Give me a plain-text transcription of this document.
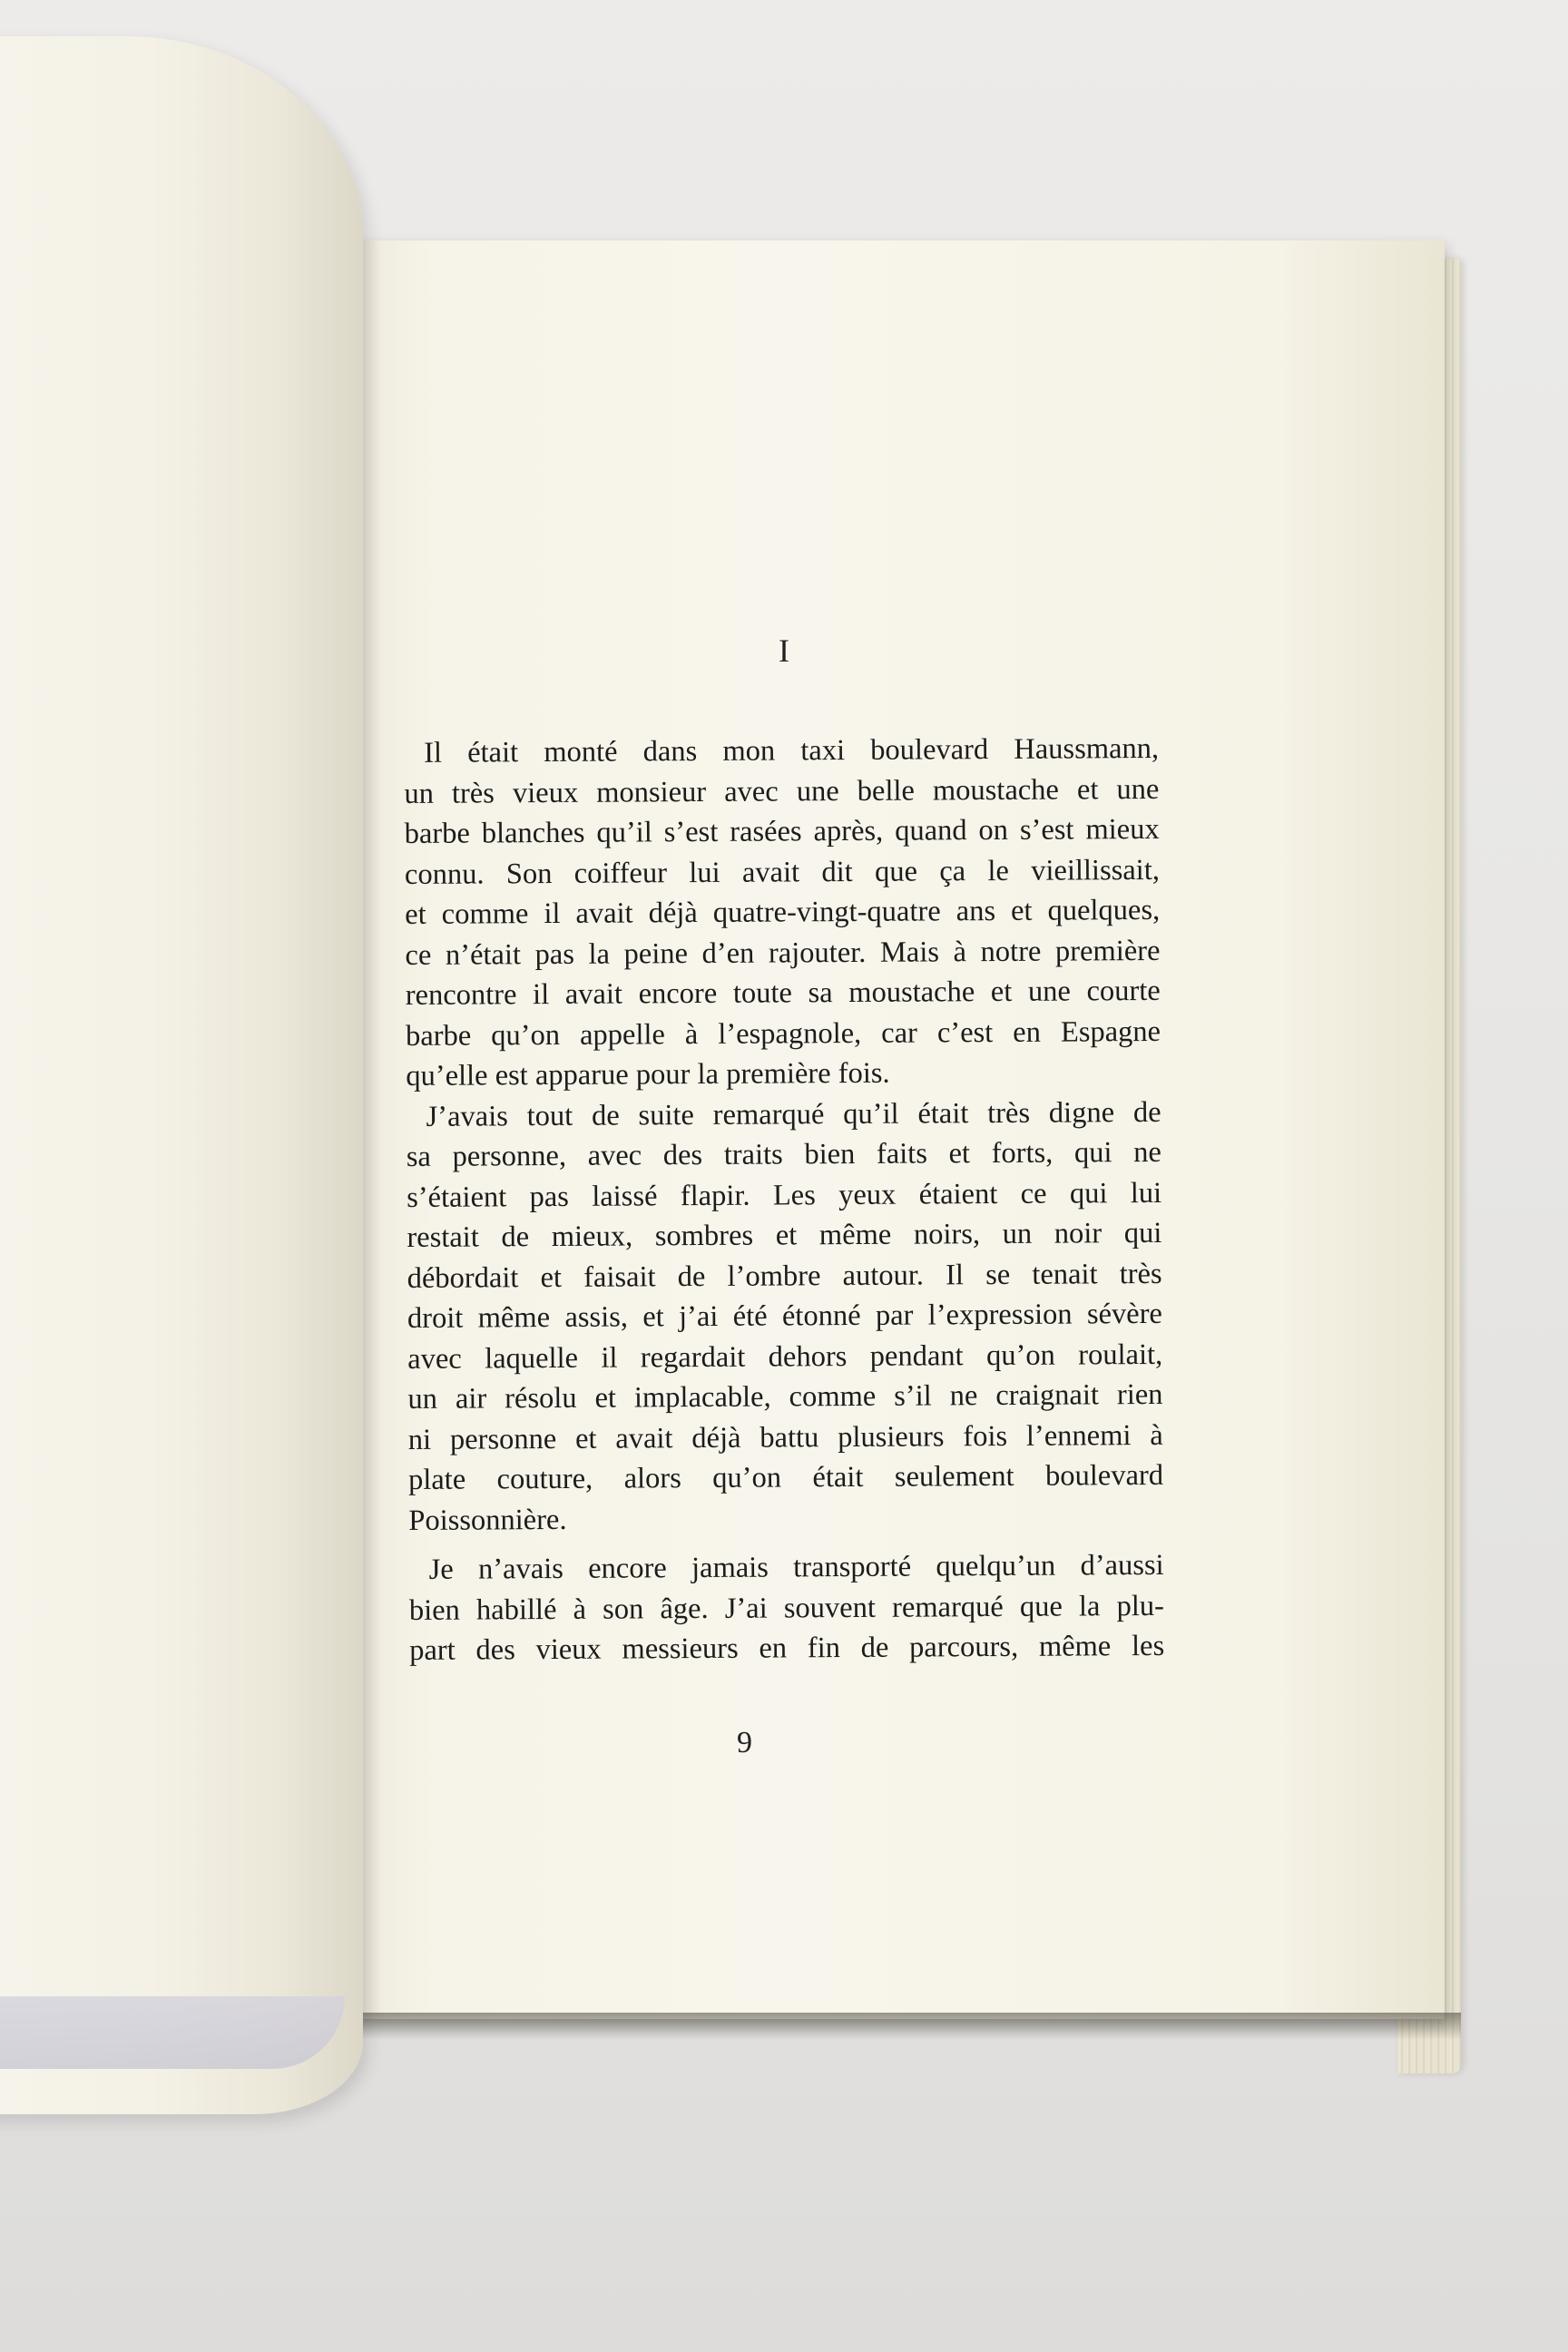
I
Il était monté dans mon taxi boulevard Haussmann,
un très vieux monsieur avec une belle moustache et une
barbe blanches qu’il s’est rasées après, quand on s’est mieux
connu. Son coiffeur lui avait dit que ça le vieillissait,
et comme il avait déjà quatre-vingt-quatre ans et quelques,
ce n’était pas la peine d’en rajouter. Mais à notre première
rencontre il avait encore toute sa moustache et une courte
barbe qu’on appelle à l’espagnole, car c’est en Espagne
qu’elle est apparue pour la première fois.
J’avais tout de suite remarqué qu’il était très digne de
sa personne, avec des traits bien faits et forts, qui ne
s’étaient pas laissé flapir. Les yeux étaient ce qui lui
restait de mieux, sombres et même noirs, un noir qui
débordait et faisait de l’ombre autour. Il se tenait très
droit même assis, et j’ai été étonné par l’expression sévère
avec laquelle il regardait dehors pendant qu’on roulait,
un air résolu et implacable, comme s’il ne craignait rien
ni personne et avait déjà battu plusieurs fois l’ennemi à
plate couture, alors qu’on était seulement boulevard
Poissonnière.
Je n’avais encore jamais transporté quelqu’un d’aussi
bien habillé à son âge. J’ai souvent remarqué que la plu-
part des vieux messieurs en fin de parcours, même les
9
